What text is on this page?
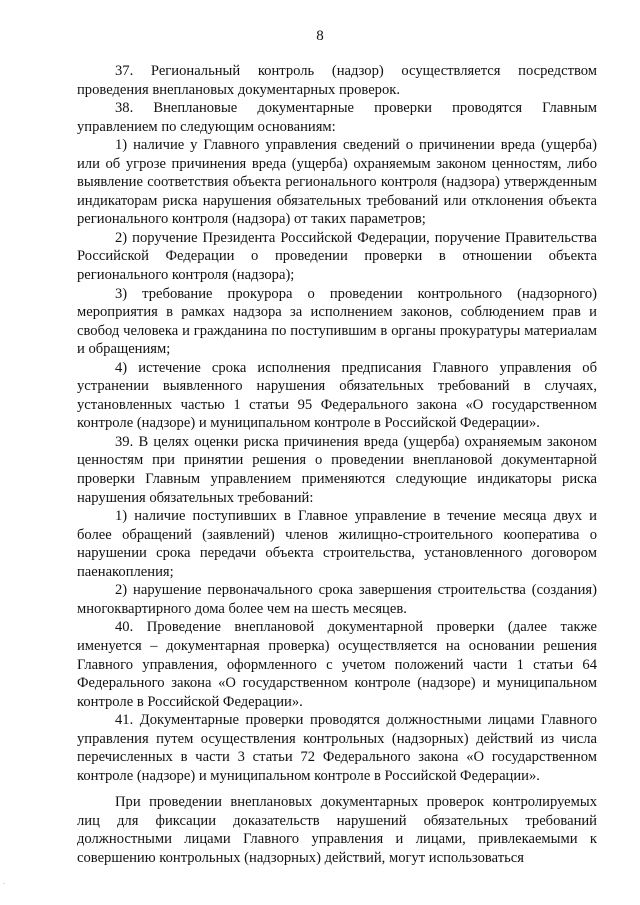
8

37. Региональный контроль (надзор) осуществляется посредством проведения внеплановых документарных проверок.

38. Внеплановые документарные проверки проводятся Главным управлением по следующим основаниям:

1) наличие у Главного управления сведений о причинении вреда (ущерба) или об угрозе причинения вреда (ущерба) охраняемым законом ценностям, либо выявление соответствия объекта регионального контроля (надзора) утвержденным индикаторам риска нарушения обязательных требований или отклонения объекта регионального контроля (надзора) от таких параметров;

2) поручение Президента Российской Федерации, поручение Правительства Российской Федерации о проведении проверки в отношении объекта регионального контроля (надзора);

3) требование прокурора о проведении контрольного (надзорного) мероприятия в рамках надзора за исполнением законов, соблюдением прав и свобод человека и гражданина по поступившим в органы прокуратуры материалам и обращениям;

4) истечение срока исполнения предписания Главного управления об устранении выявленного нарушения обязательных требований в случаях, установленных частью 1 статьи 95 Федерального закона «О государственном контроле (надзоре) и муниципальном контроле в Российской Федерации».

39. В целях оценки риска причинения вреда (ущерба) охраняемым законом ценностям при принятии решения о проведении внеплановой документарной проверки Главным управлением применяются следующие индикаторы риска нарушения обязательных требований:

1) наличие поступивших в Главное управление в течение месяца двух и более обращений (заявлений) членов жилищно-строительного кооператива о нарушении срока передачи объекта строительства, установленного договором паенакопления;

2) нарушение первоначального срока завершения строительства (создания) многоквартирного дома более чем на шесть месяцев.

40. Проведение внеплановой документарной проверки (далее также именуется – документарная проверка) осуществляется на основании решения Главного управления, оформленного с учетом положений части 1 статьи 64 Федерального закона «О государственном контроле (надзоре) и муниципальном контроле в Российской Федерации».

41. Документарные проверки проводятся должностными лицами Главного управления путем осуществления контрольных (надзорных) действий из числа перечисленных в части 3 статьи 72 Федерального закона «О государственном контроле (надзоре) и муниципальном контроле в Российской Федерации».

При проведении внеплановых документарных проверок контролируемых лиц для фиксации доказательств нарушений обязательных требований должностными лицами Главного управления и лицами, привлекаемыми к совершению контрольных (надзорных) действий, могут использоваться

·
